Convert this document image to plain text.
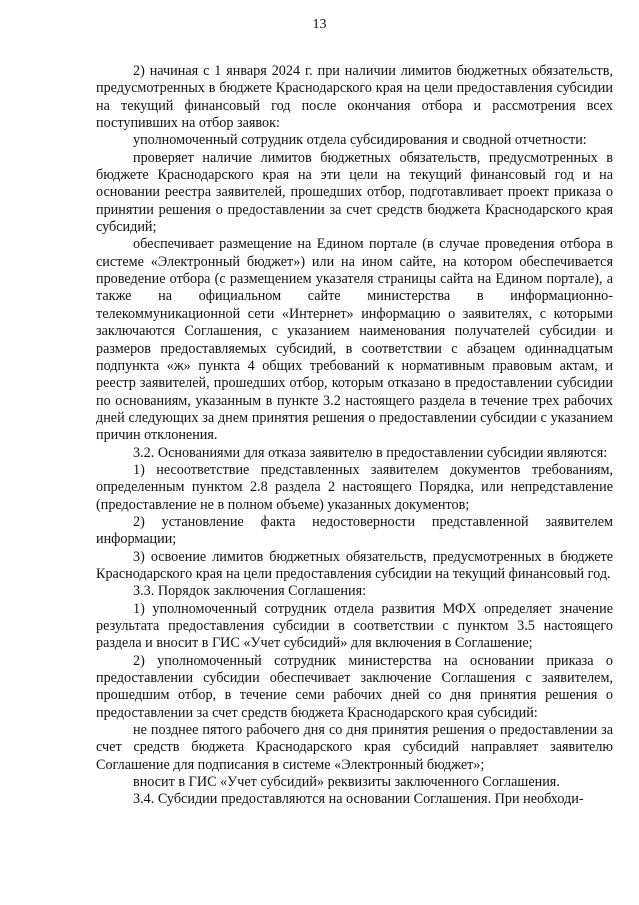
13

2) начиная с 1 января 2024 г. при наличии лимитов бюджетных обязательств, предусмотренных в бюджете Краснодарского края на цели предоставления субсидии на текущий финансовый год после окончания отбора и рассмотрения всех поступивших на отбор заявок:

уполномоченный сотрудник отдела субсидирования и сводной отчетности:

проверяет наличие лимитов бюджетных обязательств, предусмотренных в бюджете Краснодарского края на эти цели на текущий финансовый год и на основании реестра заявителей, прошедших отбор, подготавливает проект приказа о принятии решения о предоставлении за счет средств бюджета Краснодарского края субсидий;

обеспечивает размещение на Едином портале (в случае проведения отбора в системе «Электронный бюджет») или на ином сайте, на котором обеспечивается проведение отбора (с размещением указателя страницы сайта на Едином портале), а также на официальном сайте министерства в информационно-телекоммуникационной сети «Интернет» информацию о заявителях, с которыми заключаются Соглашения, с указанием наименования получателей субсидии и размеров предоставляемых субсидий, в соответствии с абзацем одиннадцатым подпункта «ж» пункта 4 общих требований к нормативным правовым актам, и реестр заявителей, прошедших отбор, которым отказано в предоставлении субсидии по основаниям, указанным в пункте 3.2 настоящего раздела в течение трех рабочих дней следующих за днем принятия решения о предоставлении субсидии с указанием причин отклонения.

3.2. Основаниями для отказа заявителю в предоставлении субсидии являются:

1) несоответствие представленных заявителем документов требованиям, определенным пунктом 2.8 раздела 2 настоящего Порядка, или непредставление (предоставление не в полном объеме) указанных документов;

2) установление факта недостоверности представленной заявителем информации;

3) освоение лимитов бюджетных обязательств, предусмотренных в бюджете Краснодарского края на цели предоставления субсидии на текущий финансовый год.

3.3. Порядок заключения Соглашения:

1) уполномоченный сотрудник отдела развития МФХ определяет значение результата предоставления субсидии в соответствии с пунктом 3.5 настоящего раздела и вносит в ГИС «Учет субсидий» для включения в Соглашение;

2) уполномоченный сотрудник министерства на основании приказа о предоставлении субсидии обеспечивает заключение Соглашения с заявителем, прошедшим отбор, в течение семи рабочих дней со дня принятия решения о предоставлении за счет средств бюджета Краснодарского края субсидий:

не позднее пятого рабочего дня со дня принятия решения о предоставлении за счет средств бюджета Краснодарского края субсидий направляет заявителю Соглашение для подписания в системе «Электронный бюджет»;

вносит в ГИС «Учет субсидий» реквизиты заключенного Соглашения.

3.4. Субсидии предоставляются на основании Соглашения. При необходи-
